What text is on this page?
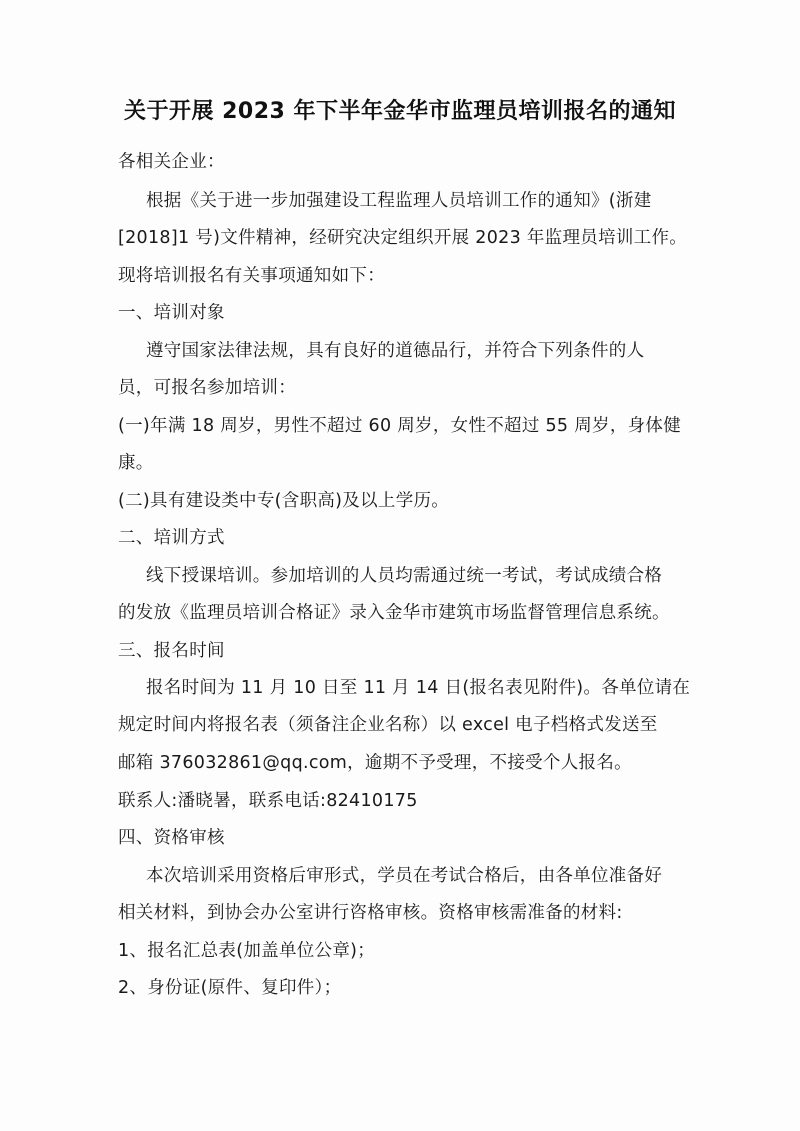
关于开展 2023 年下半年金华市监理员培训报名的通知
各相关企业：
根据《关于进一步加强建设工程监理人员培训工作的通知》(浙建
[2018]1 号)文件精神，经研究决定组织开展 2023 年监理员培训工作。
现将培训报名有关事项通知如下：
一、培训对象
遵守国家法律法规，具有良好的道德品行，并符合下列条件的人
员，可报名参加培训：
(一)年满 18 周岁，男性不超过 60 周岁，女性不超过 55 周岁，身体健
康。
(二)具有建设类中专(含职高)及以上学历。
二、培训方式
线下授课培训。参加培训的人员均需通过统一考试，考试成绩合格
的发放《监理员培训合格证》录入金华市建筑市场监督管理信息系统。
三、报名时间
报名时间为 11 月 10 日至 11 月 14 日(报名表见附件)。各单位请在
规定时间内将报名表（须备注企业名称）以 excel 电子档格式发送至
邮箱 376032861@qq.com，逾期不予受理，不接受个人报名。
联系人:潘晓暑，联系电话:82410175
四、资格审核
本次培训采用资格后审形式，学员在考试合格后，由各单位准备好
相关材料，到协会办公室讲行咨格审核。资格审核需准备的材料:
1、报名汇总表(加盖单位公章)；
2、身份证(原件、复印件）；
